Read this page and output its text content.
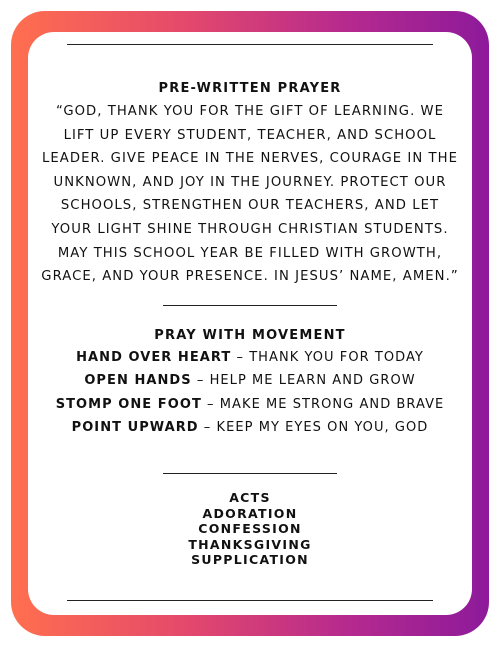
PRE-WRITTEN PRAYER
“GOD, THANK YOU FOR THE GIFT OF LEARNING. WE
LIFT UP EVERY STUDENT, TEACHER, AND SCHOOL
LEADER. GIVE PEACE IN THE NERVES, COURAGE IN THE
UNKNOWN, AND JOY IN THE JOURNEY. PROTECT OUR
SCHOOLS, STRENGTHEN OUR TEACHERS, AND LET
YOUR LIGHT SHINE THROUGH CHRISTIAN STUDENTS.
MAY THIS SCHOOL YEAR BE FILLED WITH GROWTH,
GRACE, AND YOUR PRESENCE. IN JESUS’ NAME, AMEN.”
PRAY WITH MOVEMENT
HAND OVER HEART – THANK YOU FOR TODAY
OPEN HANDS – HELP ME LEARN AND GROW
STOMP ONE FOOT – MAKE ME STRONG AND BRAVE
POINT UPWARD – KEEP MY EYES ON YOU, GOD
ACTS
ADORATION
CONFESSION
THANKSGIVING
SUPPLICATION
